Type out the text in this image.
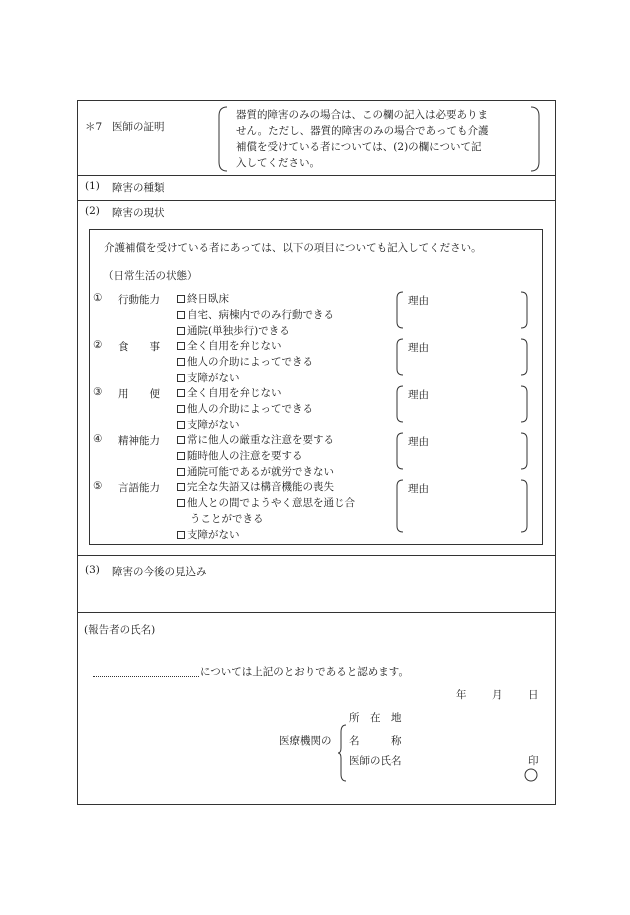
＊7 医師の証明
器質的障害のみの場合は、この欄の記入は必要ありま
せん。ただし、器質的障害のみの場合であっても介護
補償を受けている者については、(2)の欄について記
入してください。
(1) 障害の種類
(2) 障害の現状
介護補償を受けている者にあっては、以下の項目についても記入してください。
（日常生活の状態）
① 行動能力	終日臥床
自宅、病棟内でのみ行動できる
通院(単独歩行)できる
理由
② 食　　事	全く自用を弁じない
他人の介助によってできる
支障がない
理由
③ 用　　便	全く自用を弁じない
他人の介助によってできる
支障がない
理由
④ 精神能力	常に他人の厳重な注意を要する
随時他人の注意を要する
通院可能であるが就労できない
理由
⑤ 言語能力	完全な失語又は構音機能の喪失
他人との間でようやく意思を通じ合
うことができる
支障がない
理由
(3) 障害の今後の見込み
(報告者の氏名)
については上記のとおりであると認めます。
年 月 日
医療機関の
所　在　地
名　　　称
医師の氏名	印
